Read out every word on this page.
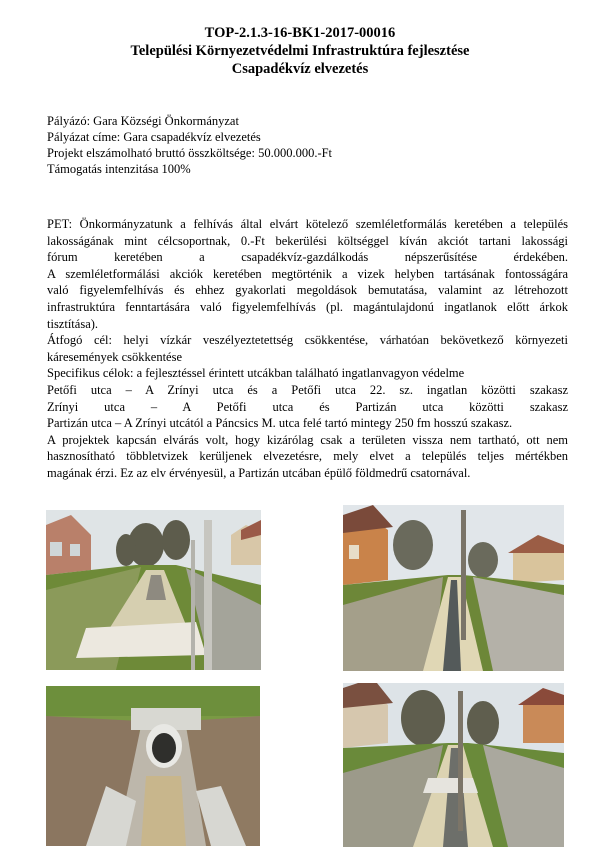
TOP-2.1.3-16-BK1-2017-00016
Települési Környezetvédelmi Infrastruktúra fejlesztése
Csapadékvíz elvezetés
Pályázó: Gara Községi Önkormányzat
Pályázat címe: Gara csapadékvíz elvezetés
Projekt elszámolható bruttó összköltsége: 50.000.000.-Ft
Támogatás intenzitása 100%

PET: Önkormányzatunk a felhívás által elvárt kötelező szemléletformálás keretében a település

lakosságának mint célcsoportnak, 0.-Ft bekerülési költséggel kíván akciót tartani lakossági

fórum keretében a csapadékvíz-gazdálkodás népszerűsítése érdekében.

A szemléletformálási akciók keretében megtörténik a vizek helyben tartásának fontosságára

való figyelemfelhívás és ehhez gyakorlati megoldások bemutatása, valamint az létrehozott

infrastruktúra fenntartására való figyelemfelhívás (pl. magántulajdonú ingatlanok előtt árkok

tisztítása).

Átfogó cél: helyi vízkár veszélyeztetettség csökkentése, várhatóan bekövetkező környezeti

káresemények csökkentése

Specifikus célok: a fejlesztéssel érintett utcákban található ingatlanvagyon védelme

Petőfi utca – A Zrínyi utca és a Petőfi utca 22. sz. ingatlan közötti szakasz

Zrínyi utca – A Petőfi utca és Partizán utca közötti szakasz

Partizán utca – A Zrínyi utcától a Páncsics M. utca felé tartó mintegy 250 fm hosszú szakasz.

A projektek kapcsán elvárás volt, hogy kizárólag csak a területen vissza nem tartható, ott nem

hasznosítható többletvizek kerüljenek elvezetésre, mely elvet a település teljes mértékben

magának érzi. Ez az elv érvényesül, a Partizán utcában épülő földmedrű csatornával.
